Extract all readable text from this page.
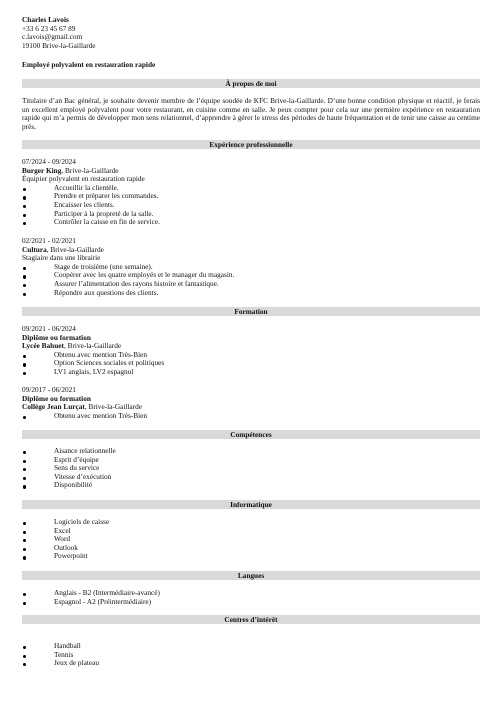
Charles Lavois
+33 6 23 45 67 89
c.lavois@gmail.com
19100 Brive-la-Gaillarde
Employé polyvalent en restauration rapide
À propos de moi
Titulaire d’an Bac général, je souhaite devenir membre de l’équipe soudée de KFC Brive-la-Gaillarde. D’une bonne condition physique et réactif, je ferais un excellent employé polyvalent pour votre restaurant, en cuisine comme en salle. Je peux compter pour cela sur une première expérience en restauration rapide qui m’a permis de développer mon sens relationnel, d’apprendre à gérer le stress des périodes de haute fréquentation et de tenir une caisse au centime près.
Expérience professionnelle
07/2024 - 09/2024
Burger King, Brive-la-Gaillarde
Équipier polyvalent en restauration rapide
Accueillir la clientèle.
Prendre et préparer les commandes.
Encaisser les clients.
Participer à la propreté de la salle.
Contrôler la caisse en fin de service.
02/2021 - 02/2021
Cultura, Brive-la-Gaillarde
Stagiaire dans une librairie
Stage de troisième (une semaine).
Coopérer avec les quatre employés et le manager du magasin.
Assurer l’alimentation des rayons histoire et fantastique.
Répondre aux questions des clients.
Formation
09/2021 - 06/2024
Diplôme ou formation
Lycée Bahuet, Brive-la-Gaillarde
Obtenu avec mention Très-Bien
Option Sciences sociales et politiques
LV1 anglais, LV2 espagnol
09/2017 - 06/2021
Diplôme ou formation
Collège Jean Lurçat, Brive-la-Gaillarde
Obtenu avec mention Très-Bien
Compétences
Aisance relationnelle
Esprit d’équipe
Sens du service
Vitesse d’exécution
Disponibilité
Informatique
Logiciels de caisse
Excel
Word
Outlook
Powerpoint
Langues
Anglais - B2 (Intermédiaire-avancé)
Espagnol - A2 (Préintermédiaire)
Centres d’intérêt
Handball
Tennis
Jeux de plateau
